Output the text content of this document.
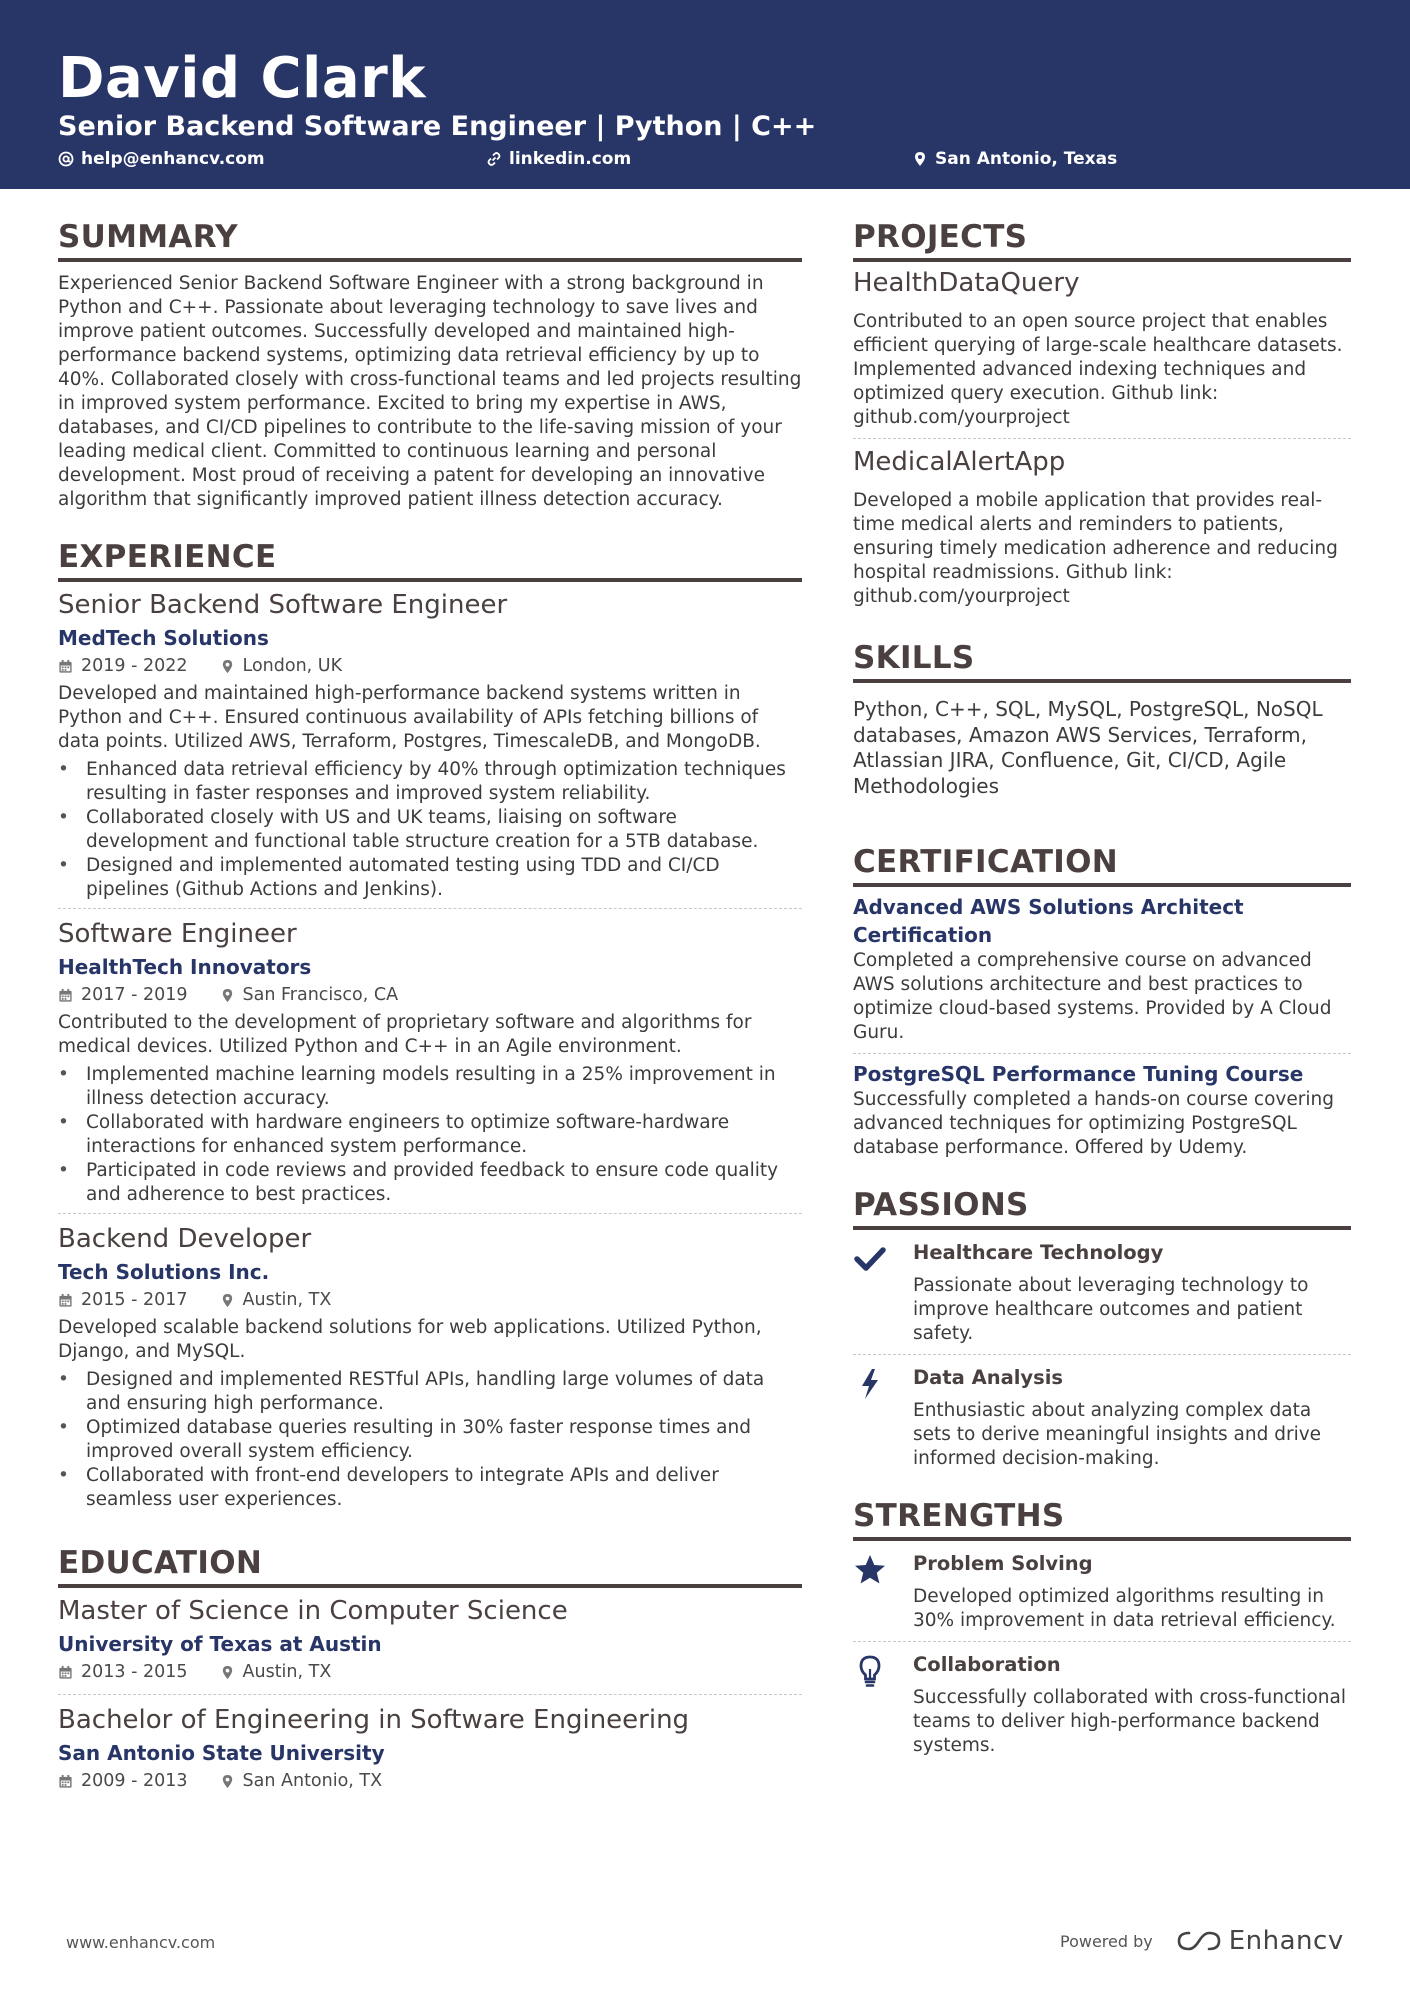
David Clark
Senior Backend Software Engineer | Python | C++
help@enhancv.com	linkedin.com	San Antonio, Texas
SUMMARY
Experienced Senior Backend Software Engineer with a strong background in Python and C++. Passionate about leveraging technology to save lives and improve patient outcomes. Successfully developed and maintained high-performance backend systems, optimizing data retrieval efficiency by up to 40%. Collaborated closely with cross-functional teams and led projects resulting in improved system performance. Excited to bring my expertise in AWS, databases, and CI/CD pipelines to contribute to the life-saving mission of your leading medical client. Committed to continuous learning and personal development. Most proud of receiving a patent for developing an innovative algorithm that significantly improved patient illness detection accuracy.
EXPERIENCE
Senior Backend Software Engineer
MedTech Solutions
2019 - 2022	London, UK
Developed and maintained high-performance backend systems written in Python and C++. Ensured continuous availability of APIs fetching billions of data points. Utilized AWS, Terraform, Postgres, TimescaleDB, and MongoDB.
• Enhanced data retrieval efficiency by 40% through optimization techniques resulting in faster responses and improved system reliability.
• Collaborated closely with US and UK teams, liaising on software development and functional table structure creation for a 5TB database.
• Designed and implemented automated testing using TDD and CI/CD pipelines (Github Actions and Jenkins).
Software Engineer
HealthTech Innovators
2017 - 2019	San Francisco, CA
Contributed to the development of proprietary software and algorithms for medical devices. Utilized Python and C++ in an Agile environment.
• Implemented machine learning models resulting in a 25% improvement in illness detection accuracy.
• Collaborated with hardware engineers to optimize software-hardware interactions for enhanced system performance.
• Participated in code reviews and provided feedback to ensure code quality and adherence to best practices.
Backend Developer
Tech Solutions Inc.
2015 - 2017	Austin, TX
Developed scalable backend solutions for web applications. Utilized Python, Django, and MySQL.
• Designed and implemented RESTful APIs, handling large volumes of data and ensuring high performance.
• Optimized database queries resulting in 30% faster response times and improved overall system efficiency.
• Collaborated with front-end developers to integrate APIs and deliver seamless user experiences.
EDUCATION
Master of Science in Computer Science
University of Texas at Austin
2013 - 2015	Austin, TX
Bachelor of Engineering in Software Engineering
San Antonio State University
2009 - 2013	San Antonio, TX
PROJECTS
HealthDataQuery
Contributed to an open source project that enables efficient querying of large-scale healthcare datasets. Implemented advanced indexing techniques and optimized query execution. Github link: github.com/yourproject
MedicalAlertApp
Developed a mobile application that provides real-time medical alerts and reminders to patients, ensuring timely medication adherence and reducing hospital readmissions. Github link: github.com/yourproject
SKILLS
Python, C++, SQL, MySQL, PostgreSQL, NoSQL databases, Amazon AWS Services, Terraform, Atlassian JIRA, Confluence, Git, CI/CD, Agile Methodologies
CERTIFICATION
Advanced AWS Solutions Architect Certification
Completed a comprehensive course on advanced AWS solutions architecture and best practices to optimize cloud-based systems. Provided by A Cloud Guru.
PostgreSQL Performance Tuning Course
Successfully completed a hands-on course covering advanced techniques for optimizing PostgreSQL database performance. Offered by Udemy.
PASSIONS
Healthcare Technology
Passionate about leveraging technology to improve healthcare outcomes and patient safety.
Data Analysis
Enthusiastic about analyzing complex data sets to derive meaningful insights and drive informed decision-making.
STRENGTHS
Problem Solving
Developed optimized algorithms resulting in 30% improvement in data retrieval efficiency.
Collaboration
Successfully collaborated with cross-functional teams to deliver high-performance backend systems.
www.enhancv.com	Powered by	Enhancv
